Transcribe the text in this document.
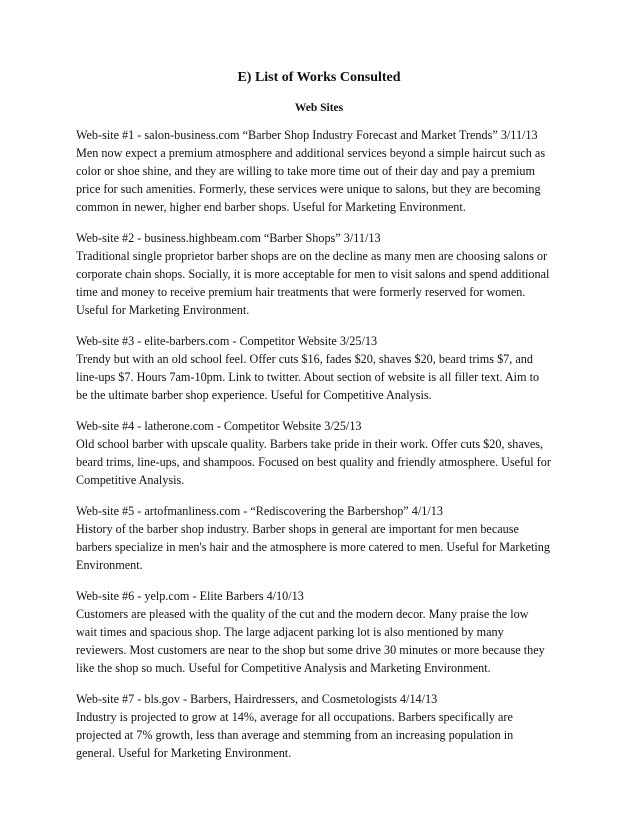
E) List of Works Consulted
Web Sites
Web-site #1 - salon-business.com “Barber Shop Industry Forecast and Market Trends” 3/11/13
Men now expect a premium atmosphere and additional services beyond a simple haircut such as
color or shoe shine, and they are willing to take more time out of their day and pay a premium
price for such amenities. Formerly, these services were unique to salons, but they are becoming
common in newer, higher end barber shops. Useful for Marketing Environment.
Web-site #2 - business.highbeam.com “Barber Shops” 3/11/13
Traditional single proprietor barber shops are on the decline as many men are choosing salons or
corporate chain shops. Socially, it is more acceptable for men to visit salons and spend additional
time and money to receive premium hair treatments that were formerly reserved for women.
Useful for Marketing Environment.
Web-site #3 - elite-barbers.com - Competitor Website 3/25/13
Trendy but with an old school feel. Offer cuts $16, fades $20, shaves $20, beard trims $7, and
line-ups $7. Hours 7am-10pm. Link to twitter. About section of website is all filler text. Aim to
be the ultimate barber shop experience. Useful for Competitive Analysis.
Web-site #4 - latherone.com - Competitor Website 3/25/13
Old school barber with upscale quality. Barbers take pride in their work. Offer cuts $20, shaves,
beard trims, line-ups, and shampoos. Focused on best quality and friendly atmosphere. Useful for
Competitive Analysis.
Web-site #5 - artofmanliness.com - “Rediscovering the Barbershop” 4/1/13
History of the barber shop industry. Barber shops in general are important for men because
barbers specialize in men's hair and the atmosphere is more catered to men. Useful for Marketing
Environment.
Web-site #6 - yelp.com - Elite Barbers 4/10/13
Customers are pleased with the quality of the cut and the modern decor. Many praise the low
wait times and spacious shop. The large adjacent parking lot is also mentioned by many
reviewers. Most customers are near to the shop but some drive 30 minutes or more because they
like the shop so much. Useful for Competitive Analysis and Marketing Environment.
Web-site #7 - bls.gov - Barbers, Hairdressers, and Cosmetologists 4/14/13
Industry is projected to grow at 14%, average for all occupations. Barbers specifically are
projected at 7% growth, less than average and stemming from an increasing population in
general. Useful for Marketing Environment.
